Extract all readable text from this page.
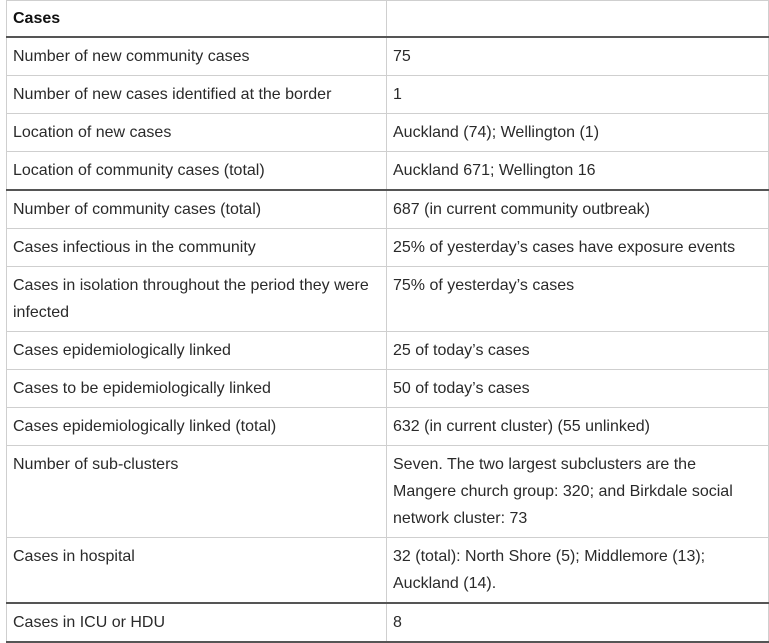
Cases	
Number of new community cases	75
Number of new cases identified at the border	1
Location of new cases	Auckland (74); Wellington (1)
Location of community cases (total)	Auckland 671; Wellington 16
Number of community cases (total)	687 (in current community outbreak)
Cases infectious in the community	25% of yesterday’s cases have exposure events
Cases in isolation throughout the period they were infected	75% of yesterday’s cases
Cases epidemiologically linked	25 of today’s cases
Cases to be epidemiologically linked	50 of today’s cases
Cases epidemiologically linked (total)	632 (in current cluster) (55 unlinked)
Number of sub-clusters	Seven. The two largest subclusters are the Mangere church group: 320; and Birkdale social network cluster: 73
Cases in hospital	32 (total): North Shore (5); Middlemore (13); Auckland (14).
Cases in ICU or HDU	8
